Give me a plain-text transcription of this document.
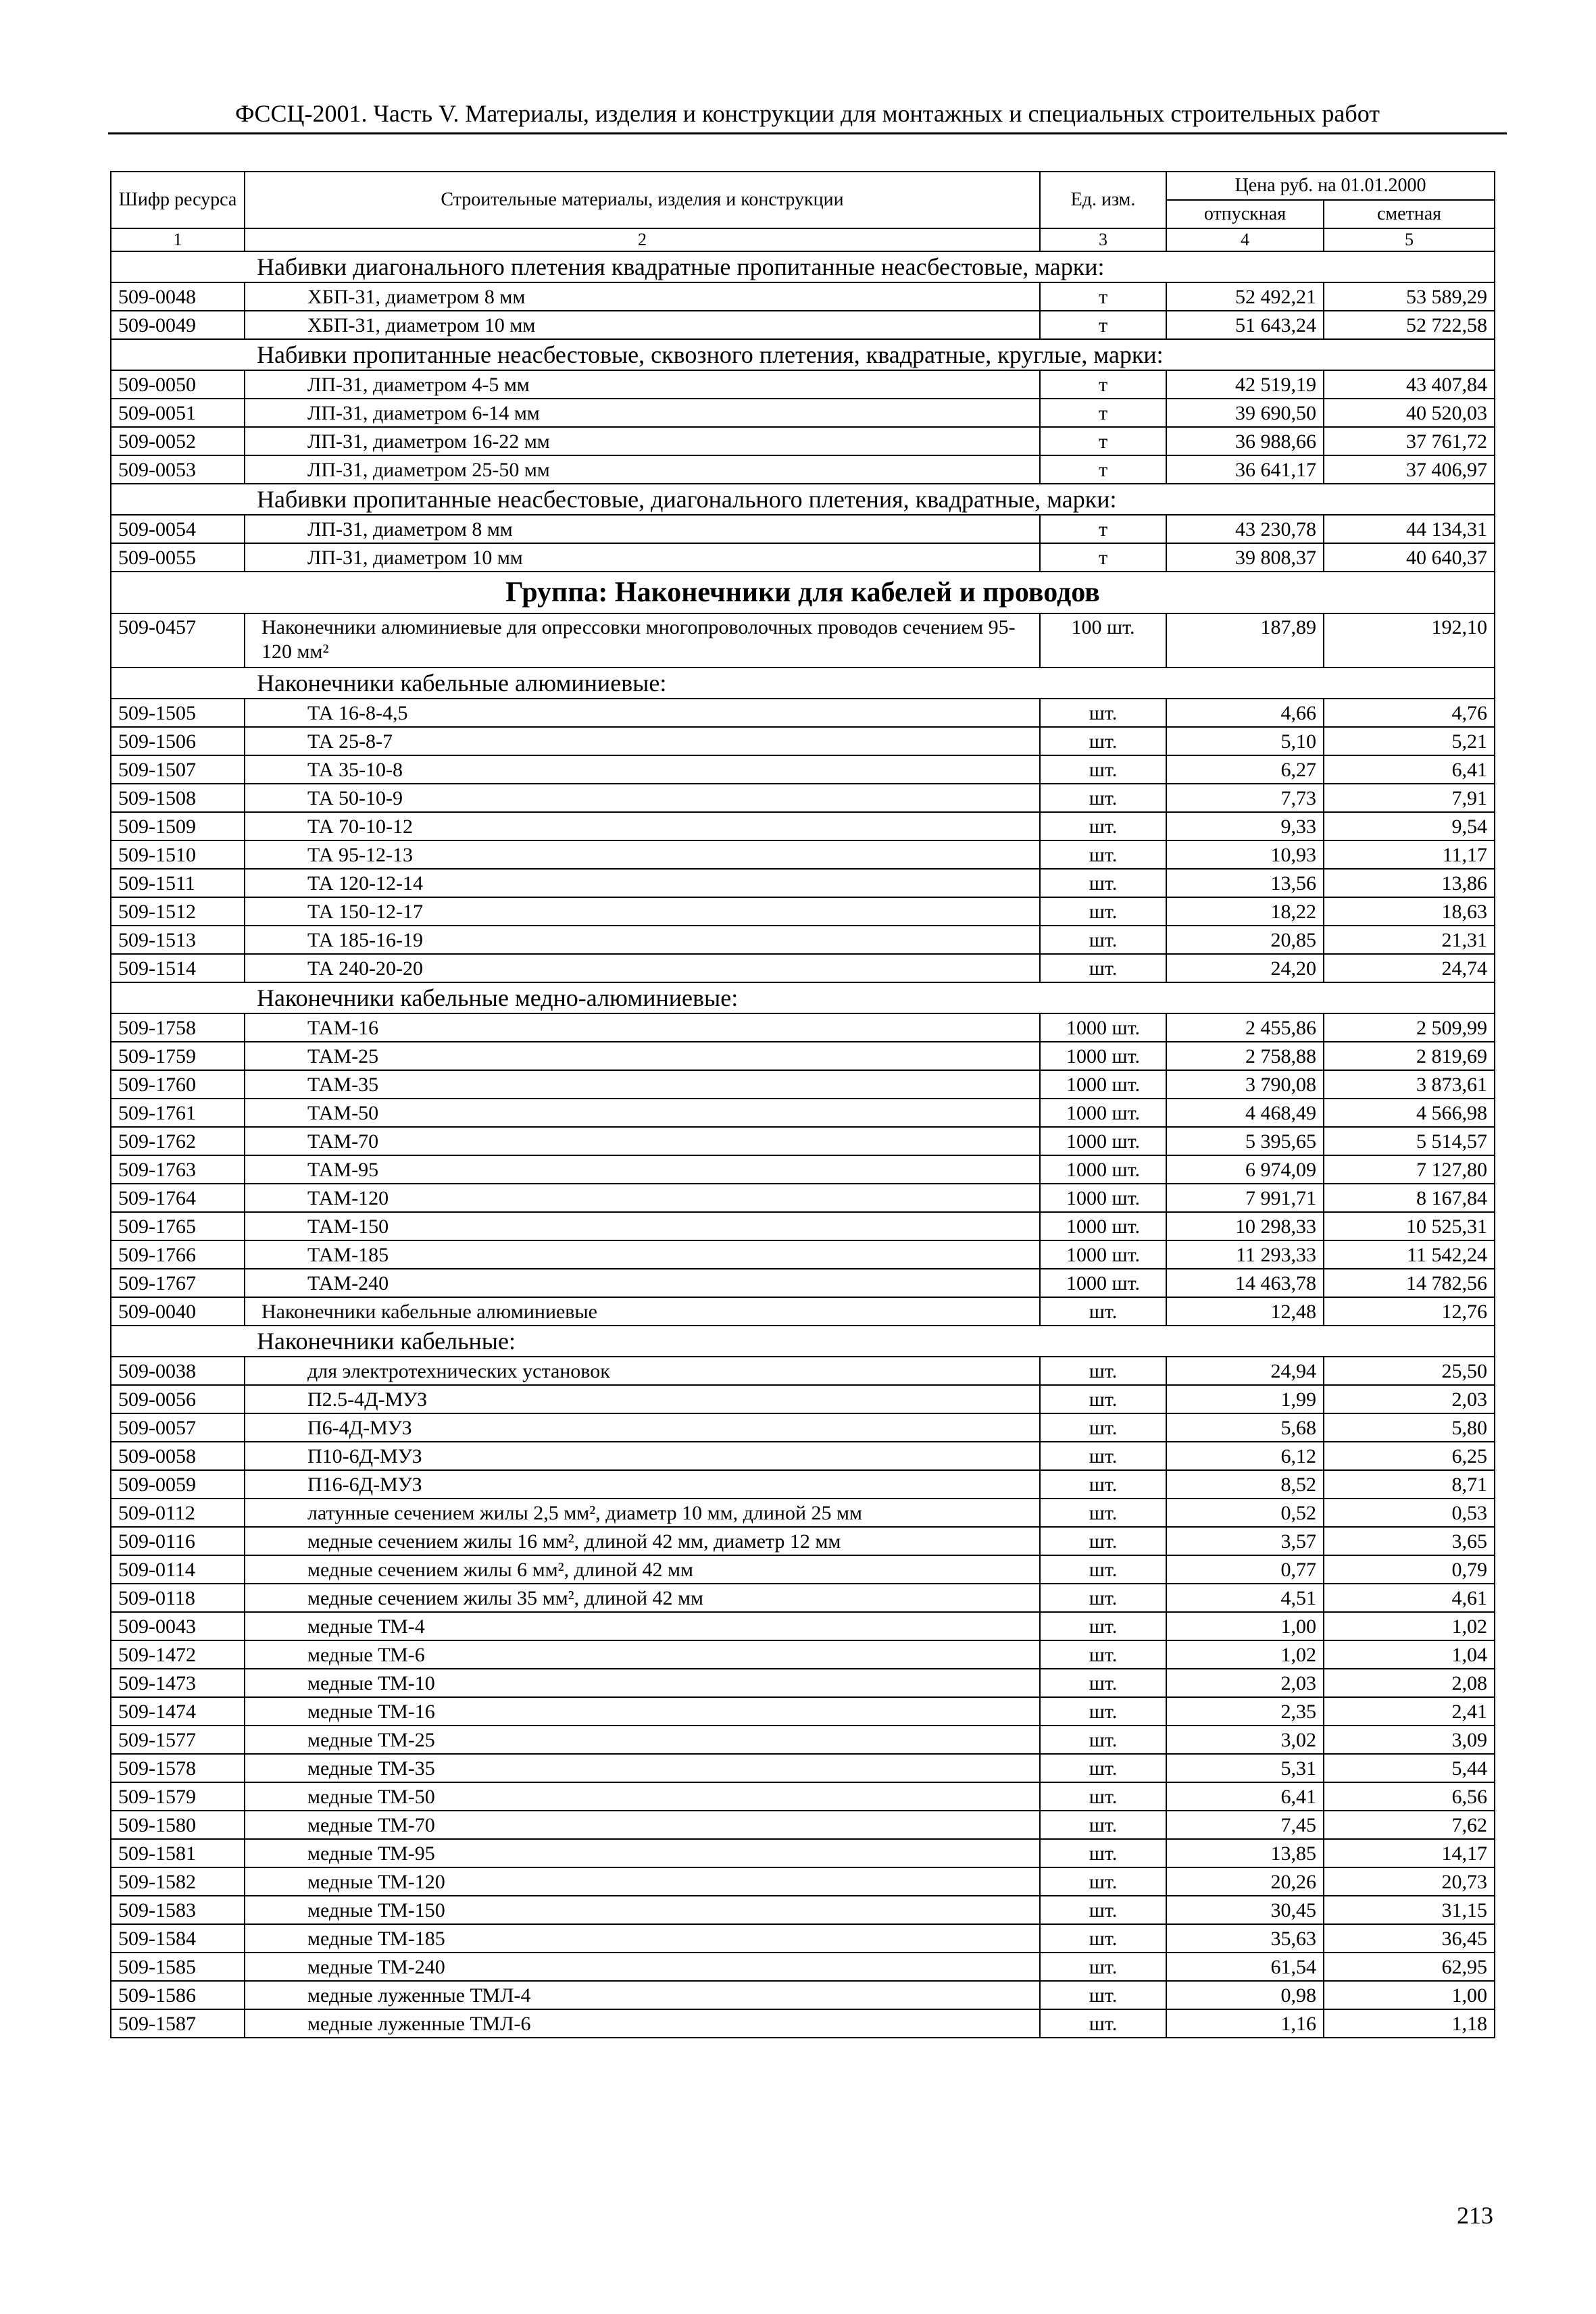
ФССЦ-2001. Часть V. Материалы, изделия и конструкции для монтажных и специальных строительных работ
Шифр ресурса	Строительные материалы, изделия и конструкции	Ед. изм.	Цена руб. на 01.01.2000	
			отпускная	сметная
1	2	3	4	5
Набивки диагонального плетения квадратные пропитанные неасбестовые, марки:				
509-0048	ХБП-31, диаметром 8 мм	т	52 492,21	53 589,29
509-0049	ХБП-31, диаметром 10 мм	т	51 643,24	52 722,58
Набивки пропитанные неасбестовые, сквозного плетения, квадратные, круглые, марки:				
509-0050	ЛП-31, диаметром 4-5 мм	т	42 519,19	43 407,84
509-0051	ЛП-31, диаметром 6-14 мм	т	39 690,50	40 520,03
509-0052	ЛП-31, диаметром 16-22 мм	т	36 988,66	37 761,72
509-0053	ЛП-31, диаметром 25-50 мм	т	36 641,17	37 406,97
Набивки пропитанные неасбестовые, диагонального плетения, квадратные, марки:				
509-0054	ЛП-31, диаметром 8 мм	т	43 230,78	44 134,31
509-0055	ЛП-31, диаметром 10 мм	т	39 808,37	40 640,37
Группа: Наконечники для кабелей и проводов				
509-0457	Наконечники алюминиевые для опрессовки многопроволочных проводов сечением 95-120 мм²	100 шт.	187,89	192,10
Наконечники кабельные алюминиевые:				
509-1505	ТА 16-8-4,5	шт.	4,66	4,76
509-1506	ТА 25-8-7	шт.	5,10	5,21
509-1507	ТА 35-10-8	шт.	6,27	6,41
509-1508	ТА 50-10-9	шт.	7,73	7,91
509-1509	ТА 70-10-12	шт.	9,33	9,54
509-1510	ТА 95-12-13	шт.	10,93	11,17
509-1511	ТА 120-12-14	шт.	13,56	13,86
509-1512	ТА 150-12-17	шт.	18,22	18,63
509-1513	ТА 185-16-19	шт.	20,85	21,31
509-1514	ТА 240-20-20	шт.	24,20	24,74
Наконечники кабельные медно-алюминиевые:				
509-1758	ТАМ-16	1000 шт.	2 455,86	2 509,99
509-1759	ТАМ-25	1000 шт.	2 758,88	2 819,69
509-1760	ТАМ-35	1000 шт.	3 790,08	3 873,61
509-1761	ТАМ-50	1000 шт.	4 468,49	4 566,98
509-1762	ТАМ-70	1000 шт.	5 395,65	5 514,57
509-1763	ТАМ-95	1000 шт.	6 974,09	7 127,80
509-1764	ТАМ-120	1000 шт.	7 991,71	8 167,84
509-1765	ТАМ-150	1000 шт.	10 298,33	10 525,31
509-1766	ТАМ-185	1000 шт.	11 293,33	11 542,24
509-1767	ТАМ-240	1000 шт.	14 463,78	14 782,56
509-0040	Наконечники кабельные алюминиевые	шт.	12,48	12,76
Наконечники кабельные:				
509-0038	для электротехнических установок	шт.	24,94	25,50
509-0056	П2.5-4Д-МУЗ	шт.	1,99	2,03
509-0057	П6-4Д-МУЗ	шт.	5,68	5,80
509-0058	П10-6Д-МУЗ	шт.	6,12	6,25
509-0059	П16-6Д-МУЗ	шт.	8,52	8,71
509-0112	латунные сечением жилы 2,5 мм², диаметр 10 мм, длиной 25 мм	шт.	0,52	0,53
509-0116	медные сечением жилы 16 мм², длиной 42 мм, диаметр 12 мм	шт.	3,57	3,65
509-0114	медные сечением жилы 6 мм², длиной 42 мм	шт.	0,77	0,79
509-0118	медные сечением жилы 35 мм², длиной 42 мм	шт.	4,51	4,61
509-0043	медные ТМ-4	шт.	1,00	1,02
509-1472	медные ТМ-6	шт.	1,02	1,04
509-1473	медные ТМ-10	шт.	2,03	2,08
509-1474	медные ТМ-16	шт.	2,35	2,41
509-1577	медные ТМ-25	шт.	3,02	3,09
509-1578	медные ТМ-35	шт.	5,31	5,44
509-1579	медные ТМ-50	шт.	6,41	6,56
509-1580	медные ТМ-70	шт.	7,45	7,62
509-1581	медные ТМ-95	шт.	13,85	14,17
509-1582	медные ТМ-120	шт.	20,26	20,73
509-1583	медные ТМ-150	шт.	30,45	31,15
509-1584	медные ТМ-185	шт.	35,63	36,45
509-1585	медные ТМ-240	шт.	61,54	62,95
509-1586	медные луженные ТМЛ-4	шт.	0,98	1,00
509-1587	медные луженные ТМЛ-6	шт.	1,16	1,18
213
